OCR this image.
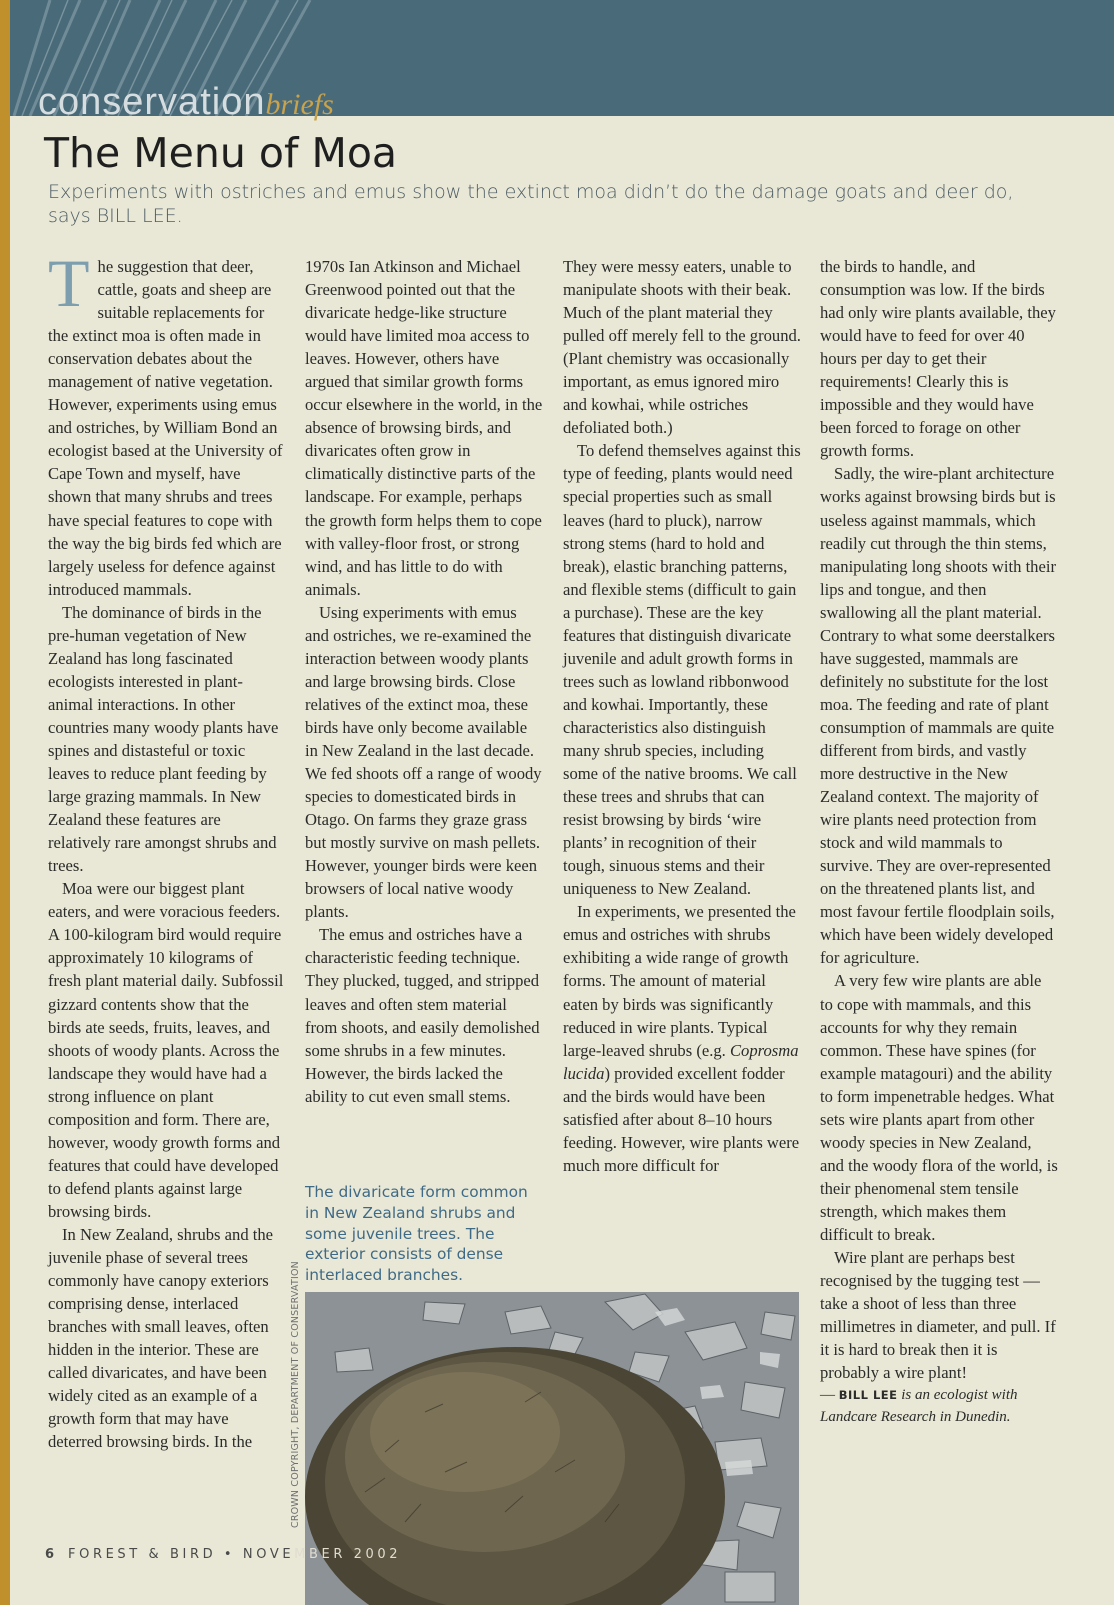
conservationbriefs
The Menu of Moa

Experiments with ostriches and emus show the extinct moa didn’t do the damage goats and deer do, says BILL LEE.

The suggestion that deer, cattle, goats and sheep are suitable replacements for the extinct moa is often made in conservation debates about the management of native vegetation. However, experiments using emus and ostriches, by William Bond an ecologist based at the University of Cape Town and myself, have shown that many shrubs and trees have special features to cope with the way the big birds fed which are largely useless for defence against introduced mammals.

The dominance of birds in the pre-human vegetation of New Zealand has long fascinated ecologists interested in plant-animal interactions. In other countries many woody plants have spines and distasteful or toxic leaves to reduce plant feeding by large grazing mammals. In New Zealand these features are relatively rare amongst shrubs and trees.

Moa were our biggest plant eaters, and were voracious feeders. A 100-kilogram bird would require approximately 10 kilograms of fresh plant material daily. Subfossil gizzard contents show that the birds ate seeds, fruits, leaves, and shoots of woody plants. Across the landscape they would have had a strong influence on plant composition and form. There are, however, woody growth forms and features that could have developed to defend plants against large browsing birds.

In New Zealand, shrubs and the juvenile phase of several trees commonly have canopy exteriors comprising dense, interlaced branches with small leaves, often hidden in the interior. These are called divaricates, and have been widely cited as an example of a growth form that may have deterred browsing birds. In the

1970s Ian Atkinson and Michael Greenwood pointed out that the divaricate hedge-like structure would have limited moa access to leaves. However, others have argued that similar growth forms occur elsewhere in the world, in the absence of browsing birds, and divaricates often grow in climatically distinctive parts of the landscape. For example, perhaps the growth form helps them to cope with valley-floor frost, or strong wind, and has little to do with animals.

Using experiments with emus and ostriches, we re-examined the interaction between woody plants and large browsing birds. Close relatives of the extinct moa, these birds have only become available in New Zealand in the last decade. We fed shoots off a range of woody species to domesticated birds in Otago. On farms they graze grass but mostly survive on mash pellets. However, younger birds were keen browsers of local native woody plants.

The emus and ostriches have a characteristic feeding technique. They plucked, tugged, and stripped leaves and often stem material from shoots, and easily demolished some shrubs in a few minutes. However, the birds lacked the ability to cut even small stems.

They were messy eaters, unable to manipulate shoots with their beak. Much of the plant material they pulled off merely fell to the ground. (Plant chemistry was occasionally important, as emus ignored miro and kowhai, while ostriches defoliated both.)

To defend themselves against this type of feeding, plants would need special properties such as small leaves (hard to pluck), narrow strong stems (hard to hold and break), elastic branching patterns, and flexible stems (difficult to gain a purchase). These are the key features that distinguish divaricate juvenile and adult growth forms in trees such as lowland ribbonwood and kowhai. Importantly, these characteristics also distinguish many shrub species, including some of the native brooms. We call these trees and shrubs that can resist browsing by birds ‘wire plants’ in recognition of their tough, sinuous stems and their uniqueness to New Zealand.

In experiments, we presented the emus and ostriches with shrubs exhibiting a wide range of growth forms. The amount of material eaten by birds was significantly reduced in wire plants. Typical large-leaved shrubs (e.g. Coprosma lucida) provided excellent fodder and the birds would have been satisfied after about 8–10 hours feeding. However, wire plants were much more difficult for

the birds to handle, and consumption was low. If the birds had only wire plants available, they would have to feed for over 40 hours per day to get their requirements! Clearly this is impossible and they would have been forced to forage on other growth forms.

Sadly, the wire-plant architecture works against browsing birds but is useless against mammals, which readily cut through the thin stems, manipulating long shoots with their lips and tongue, and then swallowing all the plant material. Contrary to what some deerstalkers have suggested, mammals are definitely no substitute for the lost moa. The feeding and rate of plant consumption of mammals are quite different from birds, and vastly more destructive in the New Zealand context. The majority of wire plants need protection from stock and wild mammals to survive. They are over-represented on the threatened plants list, and most favour fertile floodplain soils, which have been widely developed for agriculture.

A very few wire plants are able to cope with mammals, and this accounts for why they remain common. These have spines (for example matagouri) and the ability to form impenetrable hedges. What sets wire plants apart from other woody species in New Zealand, and the woody flora of the world, is their phenomenal stem tensile strength, which makes them difficult to break.

Wire plant are perhaps best recognised by the tugging test — take a shoot of less than three millimetres in diameter, and pull. If it is hard to break then it is probably a wire plant!

— BILL LEE is an ecologist with Landcare Research in Dunedin.

The divaricate form common in New Zealand shrubs and some juvenile trees. The exterior consists of dense interlaced branches.

CROWN COPYRIGHT, DEPARTMENT OF CONSERVATION
6 FOREST & BIRD • NOVEMBER 2002
